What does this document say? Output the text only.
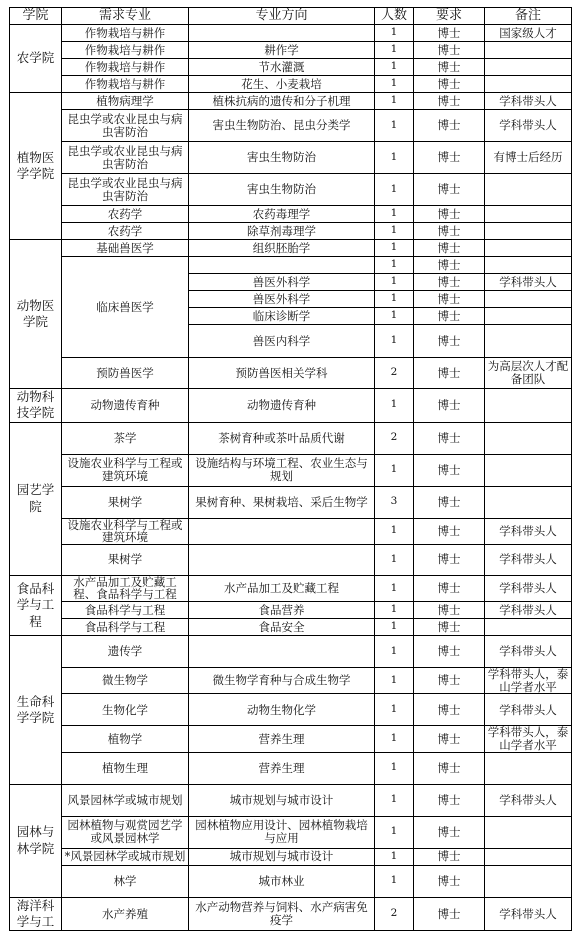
学院	需求专业	专业方向	人数	要求	备注
农学院	作物栽培与耕作		1	博士	国家级人才
	作物栽培与耕作	耕作学	1	博士	
	作物栽培与耕作	节水灌溉	1	博士	
	作物栽培与耕作	花生、小麦栽培	1	博士	
植物医学学院	植物病理学	植株抗病的遗传和分子机理	1	博士	学科带头人
	昆虫学或农业昆虫与病虫害防治	害虫生物防治、昆虫分类学	1	博士	学科带头人
	昆虫学或农业昆虫与病虫害防治	害虫生物防治	1	博士	有博士后经历
	昆虫学或农业昆虫与病虫害防治	害虫生物防治	1	博士	
	农药学	农药毒理学	1	博士	
	农药学	除草剂毒理学	1	博士	
动物医学院	基础兽医学	组织胚胎学	1	博士	
	临床兽医学		1	博士	
		兽医外科学	1	博士	学科带头人
		兽医外科学	1	博士	
		临床诊断学	1	博士	
		兽医内科学	1	博士	
	预防兽医学	预防兽医相关学科	2	博士	为高层次人才配备团队
动物科技学院	动物遗传育种	动物遗传育种	1	博士	
园艺学院	茶学	茶树育种或茶叶品质代谢	2	博士	
	设施农业科学与工程或建筑环境	设施结构与环境工程、农业生态与规划	1	博士	
	果树学	果树育种、果树栽培、采后生物学	3	博士	
	设施农业科学与工程或建筑环境		1	博士	学科带头人
	果树学		1	博士	学科带头人
食品科学与工程	水产品加工及贮藏工程、食品科学与工程	水产品加工及贮藏工程	1	博士	学科带头人
	食品科学与工程	食品营养	1	博士	学科带头人
	食品科学与工程	食品安全	1	博士	
生命科学学院	遗传学		1	博士	学科带头人
	微生物学	微生物学育种与合成生物学	1	博士	学科带头人，泰山学者水平
	生物化学	动物生物化学	1	博士	学科带头人
	植物学	营养生理	1	博士	学科带头人，泰山学者水平
	植物生理	营养生理	1	博士	
园林与林学院	风景园林学或城市规划	城市规划与城市设计	1	博士	学科带头人
	园林植物与观赏园艺学或风景园林学	园林植物应用设计、园林植物栽培与应用	1	博士	
	*风景园林学或城市规划	城市规划与城市设计	1	博士	
	林学	城市林业	1	博士	
海洋科学与工	水产养殖	水产动物营养与饲料、水产病害免疫学	2	博士	学科带头人
